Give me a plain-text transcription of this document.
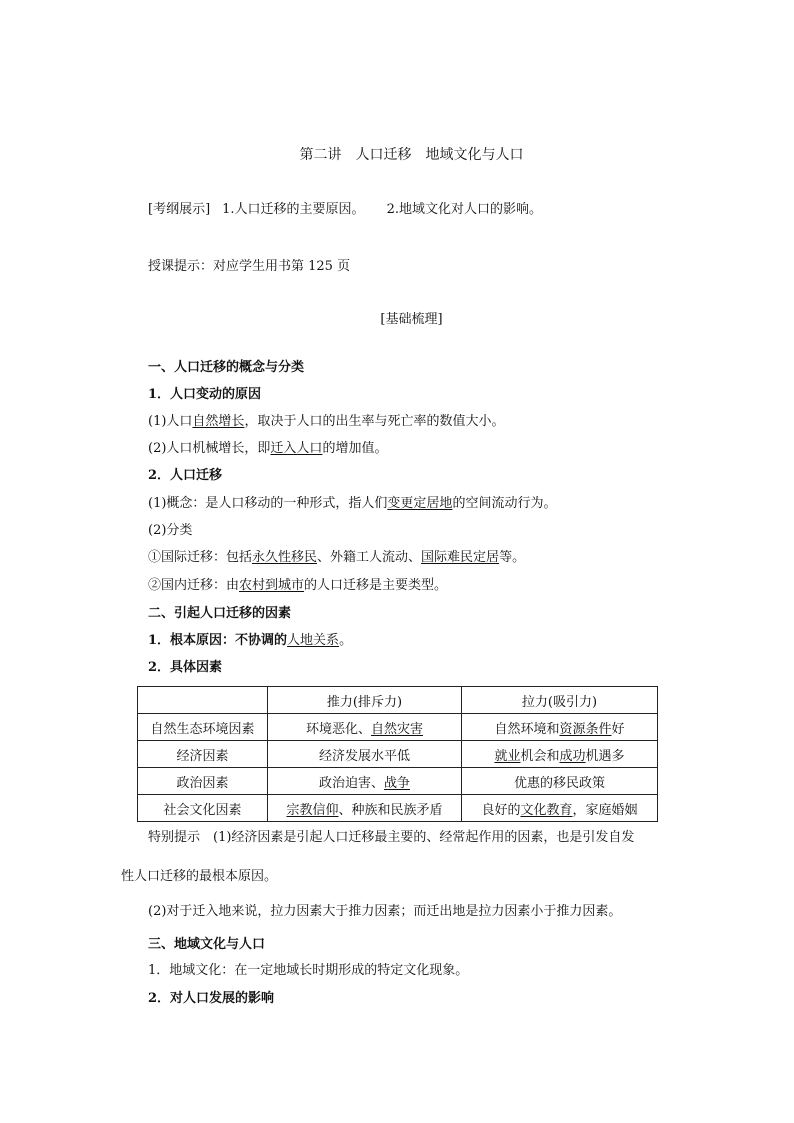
第二讲　人口迁移　地域文化与人口
[考纲展示] 1.人口迁移的主要原因。 2.地域文化对人口的影响。
授课提示：对应学生用书第 125 页
[基础梳理]
一、人口迁移的概念与分类
1．人口变动的原因
(1)人口自然增长，取决于人口的出生率与死亡率的数值大小。
(2)人口机械增长，即迁入人口的增加值。
2．人口迁移
(1)概念：是人口移动的一种形式，指人们变更定居地的空间流动行为。
(2)分类
①国际迁移：包括永久性移民、外籍工人流动、国际难民定居等。
②国内迁移：由农村到城市的人口迁移是主要类型。
二、引起人口迁移的因素
1．根本原因：不协调的人地关系。
2．具体因素
	推力(排斥力)	拉力(吸引力)
自然生态环境因素	环境恶化、自然灾害	自然环境和资源条件好
经济因素	经济发展水平低	就业机会和成功机遇多
政治因素	政治迫害、战争	优惠的移民政策
社会文化因素	宗教信仰、种族和民族矛盾	良好的文化教育，家庭婚姻
特别提示　(1)经济因素是引起人口迁移最主要的、经常起作用的因素，也是引发自发
性人口迁移的最根本原因。
(2)对于迁入地来说，拉力因素大于推力因素；而迁出地是拉力因素小于推力因素。
三、地域文化与人口
1．地域文化：在一定地域长时期形成的特定文化现象。
2．对人口发展的影响
